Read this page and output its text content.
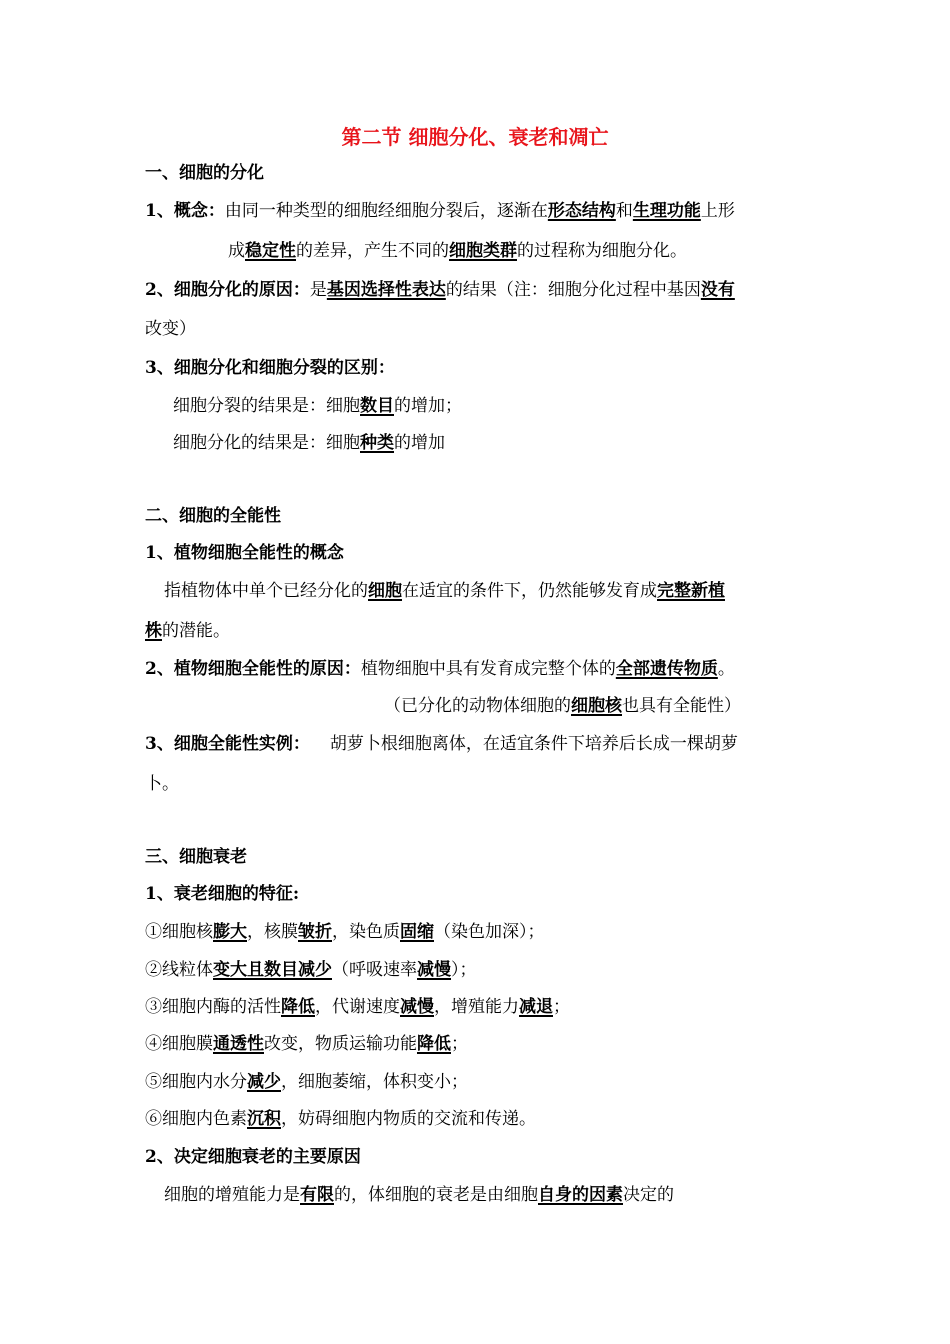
第二节 细胞分化、衰老和凋亡
一、细胞的分化
1、概念：由同一种类型的细胞经细胞分裂后，逐渐在形态结构和生理功能上形
成稳定性的差异，产生不同的细胞类群的过程称为细胞分化。
2、细胞分化的原因：是基因选择性表达的结果（注：细胞分化过程中基因没有
改变）
3、细胞分化和细胞分裂的区别：
细胞分裂的结果是：细胞数目的增加；
细胞分化的结果是：细胞种类的增加
二、细胞的全能性
1、植物细胞全能性的概念
指植物体中单个已经分化的细胞在适宜的条件下，仍然能够发育成完整新植
株的潜能。
2、植物细胞全能性的原因：植物细胞中具有发育成完整个体的全部遗传物质。
（已分化的动物体细胞的细胞核也具有全能性）
3、细胞全能性实例： 胡萝卜根细胞离体，在适宜条件下培养后长成一棵胡萝
卜。
三、细胞衰老
1、衰老细胞的特征:
①细胞核膨大，核膜皱折，染色质固缩（染色加深）；
②线粒体变大且数目减少（呼吸速率减慢）；
③细胞内酶的活性降低，代谢速度减慢，增殖能力减退；
④细胞膜通透性改变，物质运输功能降低；
⑤细胞内水分减少，细胞萎缩，体积变小；
⑥细胞内色素沉积，妨碍细胞内物质的交流和传递。
2、决定细胞衰老的主要原因
细胞的增殖能力是有限的，体细胞的衰老是由细胞自身的因素决定的
